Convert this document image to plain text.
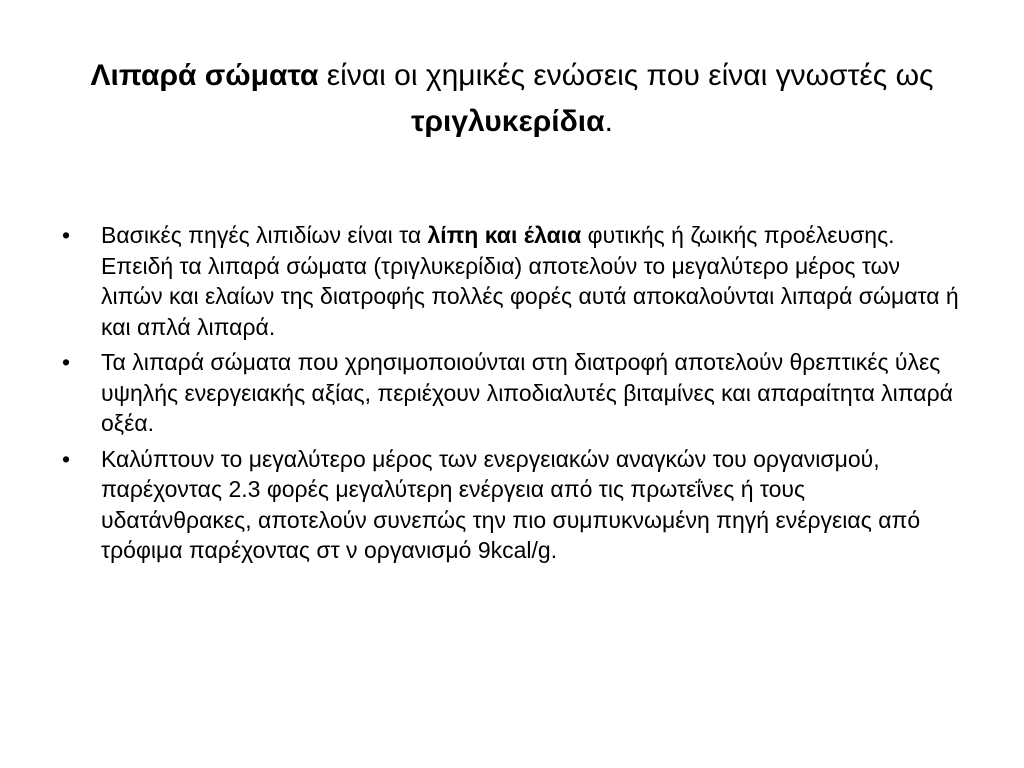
Λιπαρά σώματα είναι οι χημικές ενώσεις που είναι γνωστές ως τριγλυκερίδια.
•	Βασικές πηγές λιπιδίων είναι τα λίπη και έλαια φυτικής ή ζωικής προέλευσης. Επειδή τα λιπαρά σώματα (τριγλυκερίδια) αποτελούν το μεγαλύτερο μέρος των λιπών και ελαίων της διατροφής πολλές φορές αυτά αποκαλούνται λιπαρά σώματα ή και απλά λιπαρά.
•	Τα λιπαρά σώματα που χρησιμοποιούνται στη διατροφή αποτελούν θρεπτικές ύλες υψηλής ενεργειακής αξίας, περιέχουν λιποδιαλυτές βιταμίνες και απαραίτητα λιπαρά οξέα.
•	Καλύπτουν το μεγαλύτερο μέρος των ενεργειακών αναγκών του οργανισμού, παρέχοντας 2.3 φορές μεγαλύτερη ενέργεια από τις πρωτεΐνες ή τους υδατάνθρακες, αποτελούν συνεπώς την πιο συμπυκνωμένη πηγή ενέργειας από τρόφιμα παρέχοντας στ ν οργανισμό 9kcal/g.
